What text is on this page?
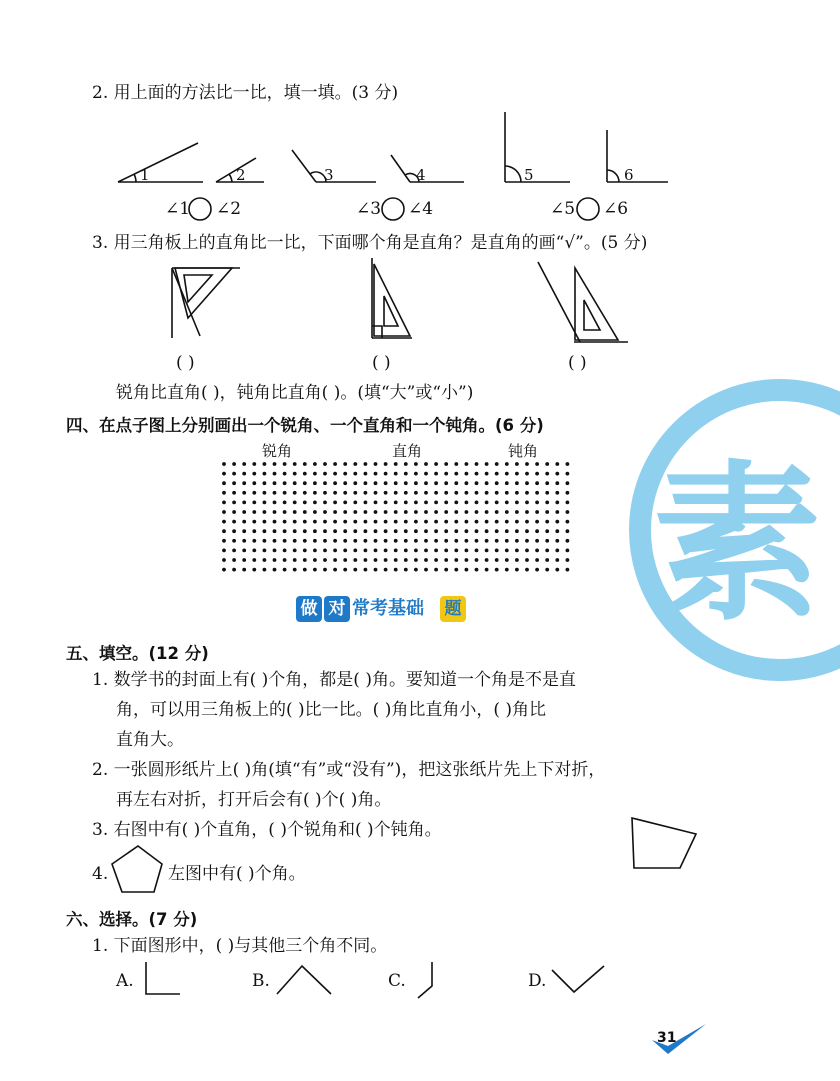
素
2. 用上面的方法比一比，填一填。(3 分)
1	2	3	4	5	6
∠1 ∠2	∠3 ∠4	∠5 ∠6
3. 用三角板上的直角比一比，下面哪个角是直角？是直角的画“√”。(5 分)
( )	( )	( )
锐角比直角( )，钝角比直角( )。(填“大”或“小”)
四、在点子图上分别画出一个锐角、一个直角和一个钝角。(6 分)
锐角	直角	钝角
做 对 常考基础 题
五、填空。(12 分)
1. 数学书的封面上有( )个角，都是( )角。要知道一个角是不是直
角，可以用三角板上的( )比一比。( )角比直角小，( )角比
直角大。
2. 一张圆形纸片上( )角(填“有”或“没有”)，把这张纸片先上下对折，
再左右对折，打开后会有( )个( )角。
3. 右图中有( )个直角，( )个锐角和( )个钝角。
4.	左图中有( )个角。
六、选择。(7 分)
1. 下面图形中，( )与其他三个角不同。
A.	B.	C.	D.
31
